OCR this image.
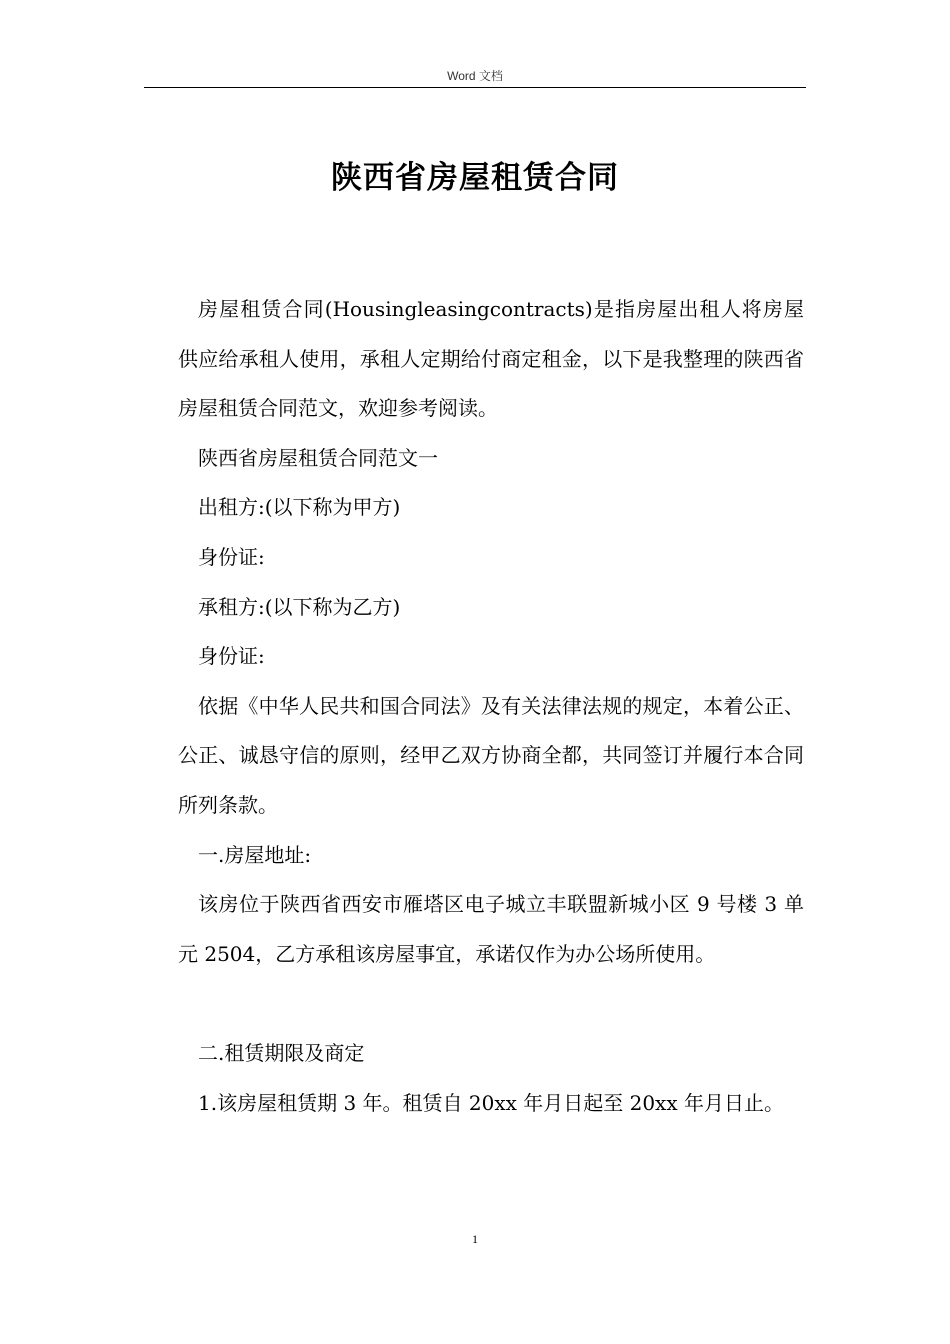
Word 文档
陕西省房屋租赁合同

房屋租赁合同(Housingleasingcontracts)是指房屋出租人将房屋供应给承租人使用，承租人定期给付商定租金，以下是我整理的陕西省房屋租赁合同范文，欢迎参考阅读。

陕西省房屋租赁合同范文一

出租方:(以下称为甲方)

身份证:

承租方:(以下称为乙方)

身份证:

依据《中华人民共和国合同法》及有关法律法规的规定，本着公正、公正、诚恳守信的原则，经甲乙双方协商全都，共同签订并履行本合同所列条款。

一.房屋地址:

该房位于陕西省西安市雁塔区电子城立丰联盟新城小区 9 号楼 3 单元 2504，乙方承租该房屋事宜，承诺仅作为办公场所使用。

二.租赁期限及商定

1.该房屋租赁期 3 年。租赁自 20xx 年月日起至 20xx 年月日止。

1
